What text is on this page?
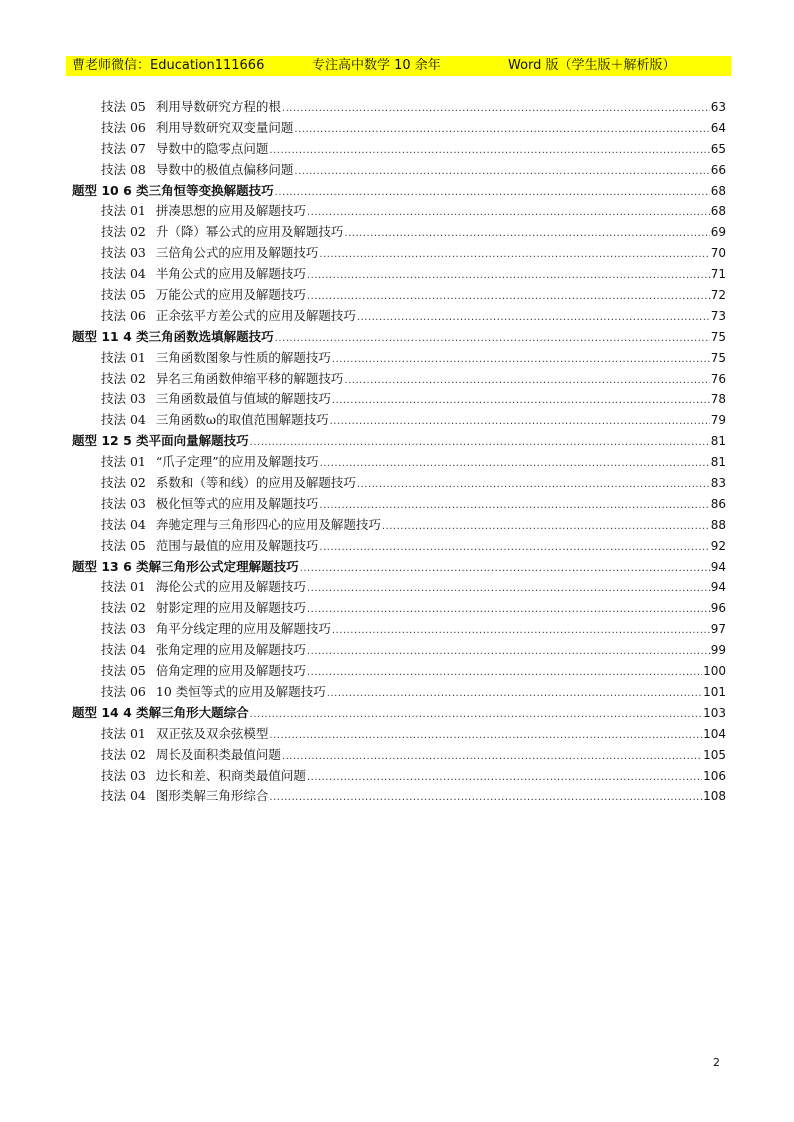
曹老师微信：Education111666	专注高中数学 10 余年	Word 版（学生版＋解析版）
技法 05 利用导数研究方程的根 .....	63
技法 06 利用导数研究双变量问题 .....	64
技法 07 导数中的隐零点问题 .....	65
技法 08 导数中的极值点偏移问题 .....	66
题型 10 6 类三角恒等变换解题技巧 .....	68
技法 01 拼凑思想的应用及解题技巧 .....	68
技法 02 升（降）幂公式的应用及解题技巧 .....	69
技法 03 三倍角公式的应用及解题技巧 .....	70
技法 04 半角公式的应用及解题技巧 .....	71
技法 05 万能公式的应用及解题技巧 .....	72
技法 06 正余弦平方差公式的应用及解题技巧 .....	73
题型 11 4 类三角函数选填解题技巧 .....	75
技法 01 三角函数图象与性质的解题技巧 .....	75
技法 02 异名三角函数伸缩平移的解题技巧 .....	76
技法 03 三角函数最值与值域的解题技巧 .....	78
技法 04 三角函数ω的取值范围解题技巧 .....	79
题型 12 5 类平面向量解题技巧 .....	81
技法 01 “爪子定理”的应用及解题技巧 .....	81
技法 02 系数和（等和线）的应用及解题技巧 .....	83
技法 03 极化恒等式的应用及解题技巧 .....	86
技法 04 奔驰定理与三角形四心的应用及解题技巧 .....	88
技法 05 范围与最值的应用及解题技巧 .....	92
题型 13 6 类解三角形公式定理解题技巧 .....	94
技法 01 海伦公式的应用及解题技巧 .....	94
技法 02 射影定理的应用及解题技巧 .....	96
技法 03 角平分线定理的应用及解题技巧 .....	97
技法 04 张角定理的应用及解题技巧 .....	99
技法 05 倍角定理的应用及解题技巧 .....	100
技法 06 10 类恒等式的应用及解题技巧 .....	101
题型 14 4 类解三角形大题综合 .....	103
技法 01 双正弦及双余弦模型 .....	104
技法 02 周长及面积类最值问题 .....	105
技法 03 边长和差、积商类最值问题 .....	106
技法 04 图形类解三角形综合 .....	108
2
